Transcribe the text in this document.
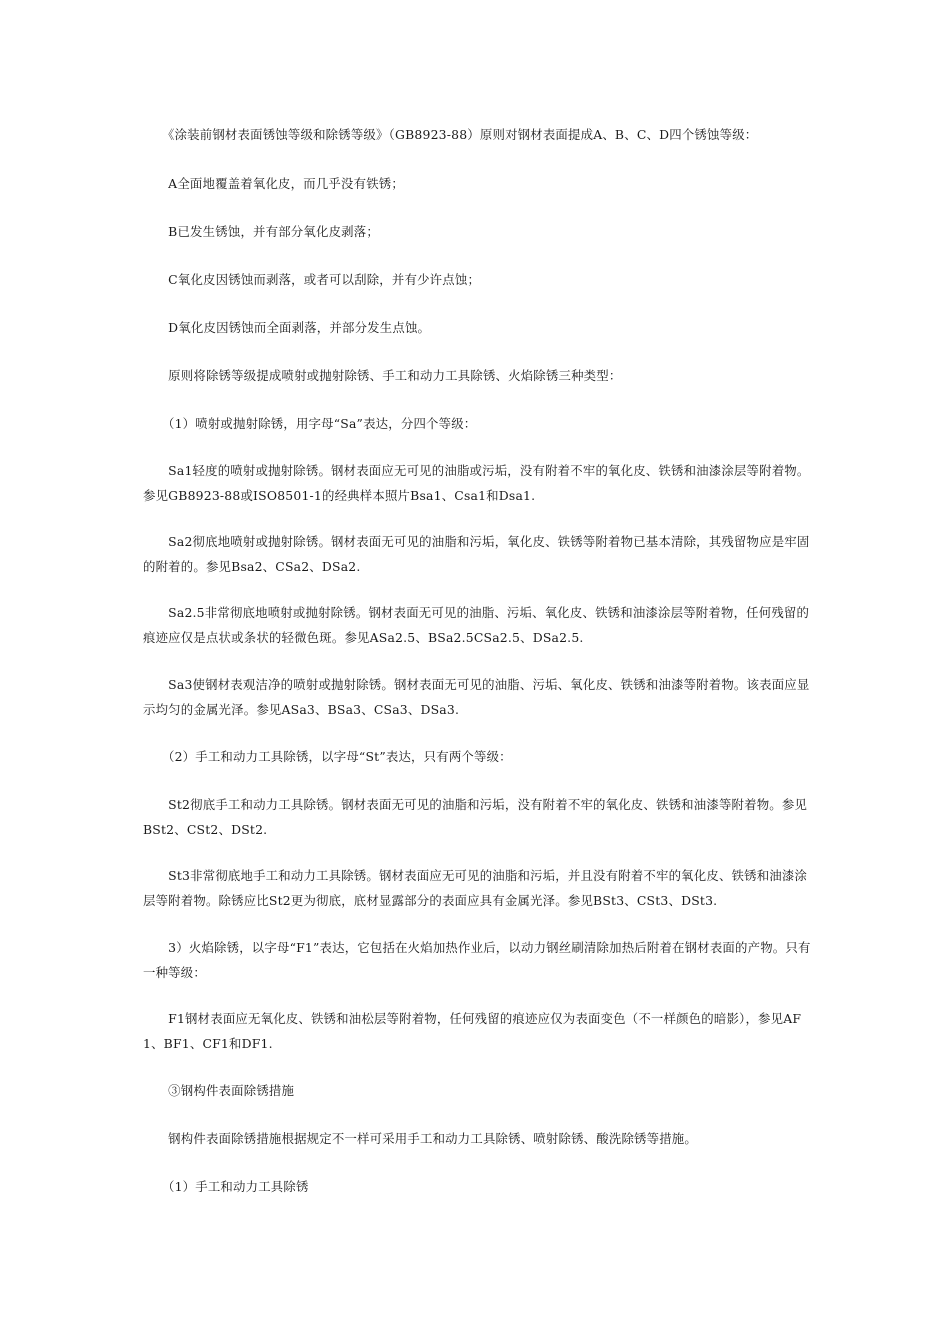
　　《涂装前钢材表面锈蚀等级和除锈等级》（GB8923-88）原则对钢材表面提成A、B、C、D四个锈蚀等级：

　　A全面地覆盖着氧化皮，而几乎没有铁锈；

　　B已发生锈蚀，并有部分氧化皮剥落；

　　C氧化皮因锈蚀而剥落，或者可以刮除，并有少许点蚀；

　　D氧化皮因锈蚀而全面剥落，并部分发生点蚀。

　　原则将除锈等级提成喷射或抛射除锈、手工和动力工具除锈、火焰除锈三种类型：

　　（1）喷射或抛射除锈，用字母“Sa”表达，分四个等级：

　　Sa1轻度的喷射或抛射除锈。钢材表面应无可见的油脂或污垢，没有附着不牢的氧化皮、铁锈和油漆涂层等附着物。参见GB8923-88或ISO8501-1的经典样本照片Bsa1、Csa1和Dsa1.

　　Sa2彻底地喷射或抛射除锈。钢材表面无可见的油脂和污垢，氧化皮、铁锈等附着物已基本清除，其残留物应是牢固的附着的。参见Bsa2、CSa2、DSa2.

　　Sa2.5非常彻底地喷射或抛射除锈。钢材表面无可见的油脂、污垢、氧化皮、铁锈和油漆涂层等附着物，任何残留的痕迹应仅是点状或条状的轻微色斑。参见ASa2.5、BSa2.5CSa2.5、DSa2.5.

　　Sa3使钢材表观洁净的喷射或抛射除锈。钢材表面无可见的油脂、污垢、氧化皮、铁锈和油漆等附着物。该表面应显示均匀的金属光泽。参见ASa3、BSa3、CSa3、DSa3.

　　（2）手工和动力工具除锈，以字母“St”表达，只有两个等级：

　　St2彻底手工和动力工具除锈。钢材表面无可见的油脂和污垢，没有附着不牢的氧化皮、铁锈和油漆等附着物。参见BSt2、CSt2、DSt2.

　　St3非常彻底地手工和动力工具除锈。钢材表面应无可见的油脂和污垢，并且没有附着不牢的氧化皮、铁锈和油漆涂层等附着物。除锈应比St2更为彻底，底材显露部分的表面应具有金属光泽。参见BSt3、CSt3、DSt3.

　　3）火焰除锈，以字母“F1”表达，它包括在火焰加热作业后，以动力钢丝刷清除加热后附着在钢材表面的产物。只有一种等级：

　　F1钢材表面应无氧化皮、铁锈和油松层等附着物，任何残留的痕迹应仅为表面变色（不一样颜色的暗影），参见AF1、BF1、CF1和DF1.

　　③钢构件表面除锈措施

　　钢构件表面除锈措施根据规定不一样可采用手工和动力工具除锈、喷射除锈、酸洗除锈等措施。

　　（1）手工和动力工具除锈
